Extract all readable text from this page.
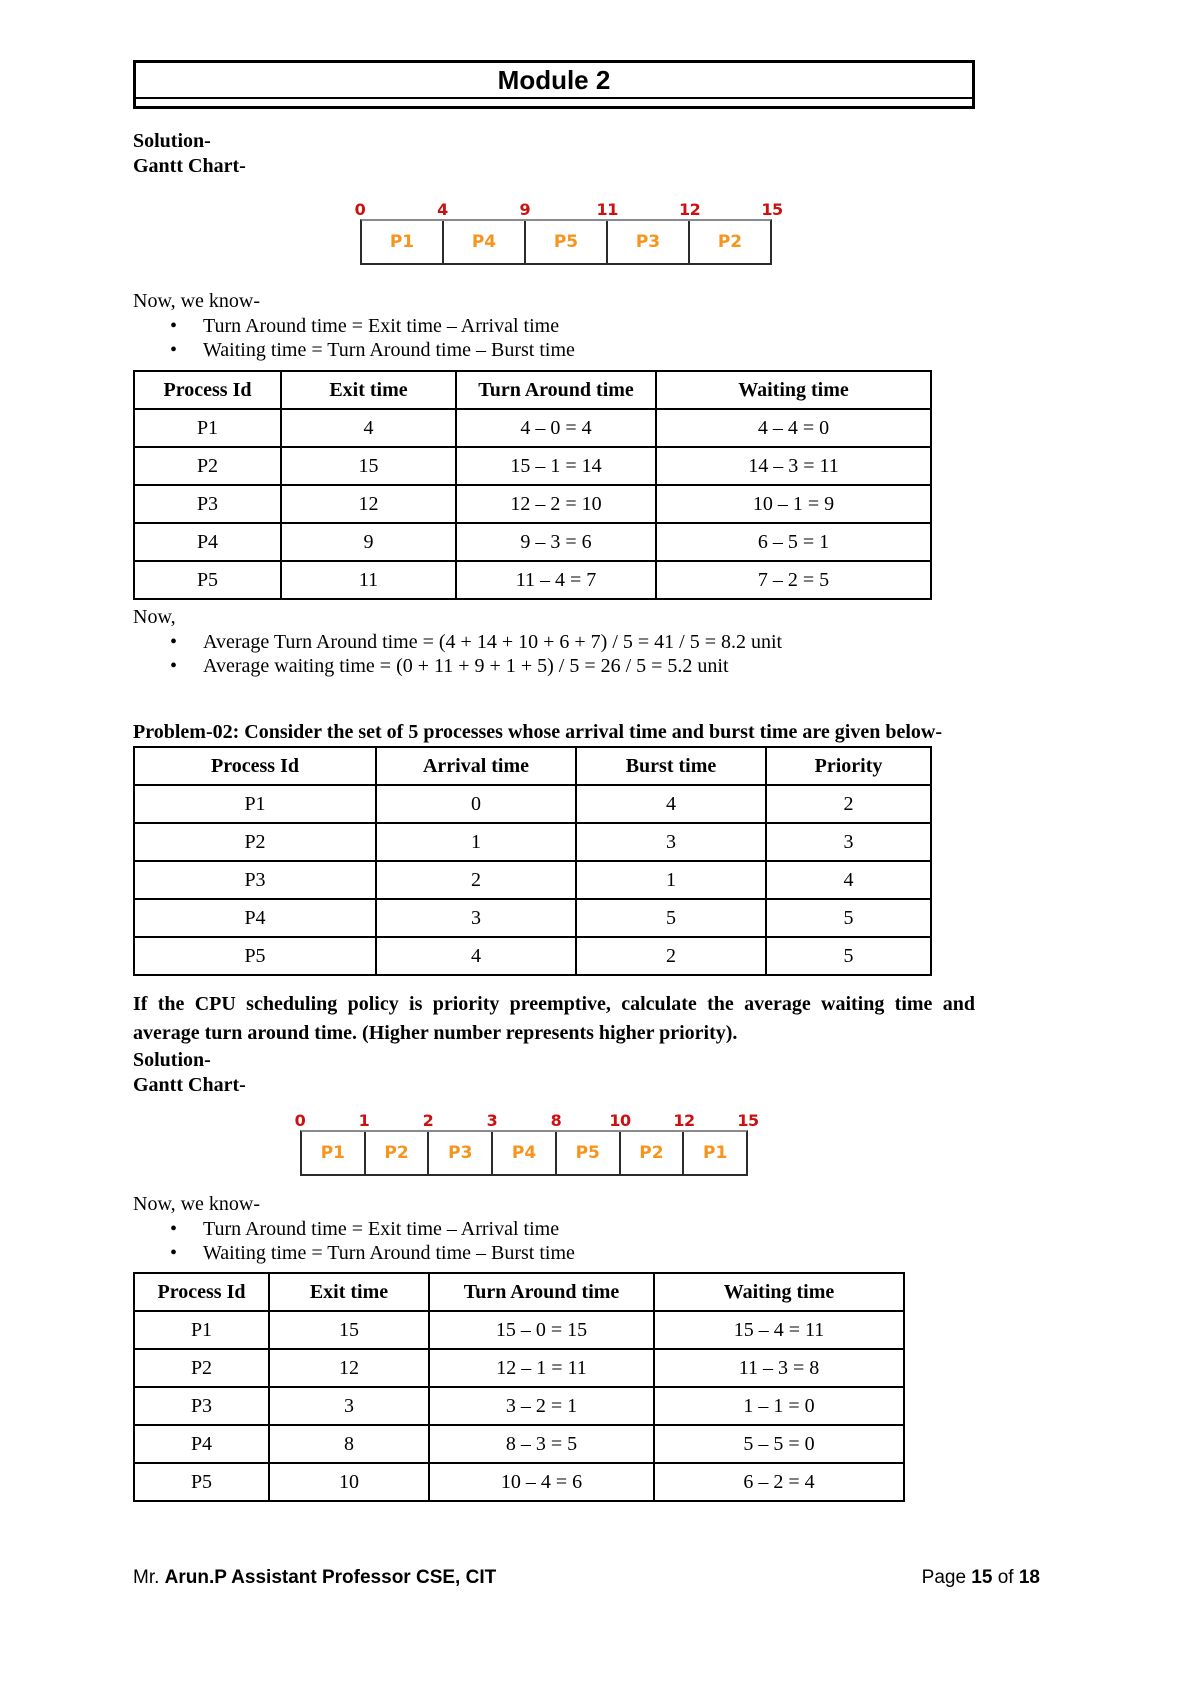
Module 2
Solution-
Gantt Chart-
0	4	9	11	12	15
P1	P4	P5	P3	P2
Now, we know-
•	Turn Around time = Exit time – Arrival time
•	Waiting time = Turn Around time – Burst time
Process Id	Exit time	Turn Around time	Waiting time
P1	4	4 – 0 = 4	4 – 4 = 0
P2	15	15 – 1 = 14	14 – 3 = 11
P3	12	12 – 2 = 10	10 – 1 = 9
P4	9	9 – 3 = 6	6 – 5 = 1
P5	11	11 – 4 = 7	7 – 2 = 5
Now,
•	Average Turn Around time = (4 + 14 + 10 + 6 + 7) / 5 = 41 / 5 = 8.2 unit
•	Average waiting time = (0 + 11 + 9 + 1 + 5) / 5 = 26 / 5 = 5.2 unit
Problem-02: Consider the set of 5 processes whose arrival time and burst time are given below-
Process Id	Arrival time	Burst time	Priority
P1	0	4	2
P2	1	3	3
P3	2	1	4
P4	3	5	5
P5	4	2	5
If the CPU scheduling policy is priority preemptive, calculate the average waiting time and average turn around time. (Higher number represents higher priority).
Solution-
Gantt Chart-
0	1	2	3	8	10	12	15
P1	P2	P3	P4	P5	P2	P1
Now, we know-
•	Turn Around time = Exit time – Arrival time
•	Waiting time = Turn Around time – Burst time
Process Id	Exit time	Turn Around time	Waiting time
P1	15	15 – 0 = 15	15 – 4 = 11
P2	12	12 – 1 = 11	11 – 3 = 8
P3	3	3 – 2 = 1	1 – 1 = 0
P4	8	8 – 3 = 5	5 – 5 = 0
P5	10	10 – 4 = 6	6 – 2 = 4
Mr. Arun.P Assistant Professor CSE, CIT	Page 15 of 18
